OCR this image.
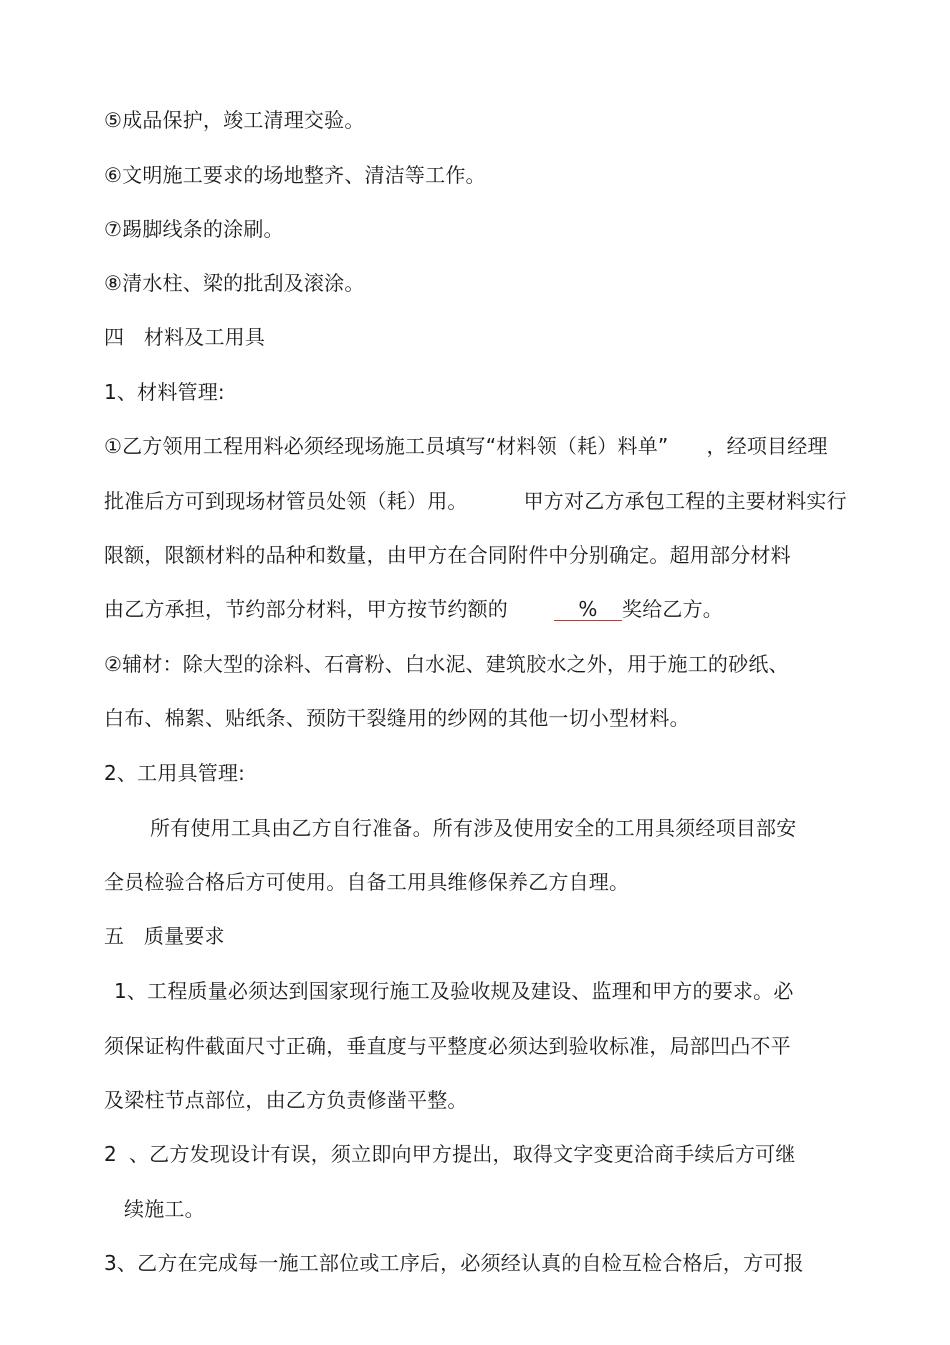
⑤成品保护，竣工清理交验。
⑥文明施工要求的场地整齐、清洁等工作。
⑦踢脚线条的涂刷。
⑧清水柱、梁的批刮及滚涂。
四   材料及工用具
1、材料管理:
①乙方领用工程用料必须经现场施工员填写“材料领（耗）料单” ，经项目经理
批准后方可到现场材管员处领（耗）用。	甲方对乙方承包工程的主要材料实行
限额，限额材料的品种和数量，由甲方在合同附件中分别确定。超用部分材料
由乙方承担，节约部分材料，甲方按节约额的	% 奖给乙方。
②辅材：除大型的涂料、石膏粉、白水泥、建筑胶水之外，用于施工的砂纸、
白布、棉絮、贴纸条、预防干裂缝用的纱网的其他一切小型材料。
2、工用具管理:
所有使用工具由乙方自行准备。所有涉及使用安全的工用具须经项目部安
全员检验合格后方可使用。自备工用具维修保养乙方自理。
五   质量要求
1、工程质量必须达到国家现行施工及验收规及建设、监理和甲方的要求。必
须保证构件截面尺寸正确，垂直度与平整度必须达到验收标准，局部凹凸不平
及梁柱节点部位，由乙方负责修凿平整。
2 、乙方发现设计有误，须立即向甲方提出，取得文字变更洽商手续后方可继
续施工。
3、乙方在完成每一施工部位或工序后，必须经认真的自检互检合格后，方可报
